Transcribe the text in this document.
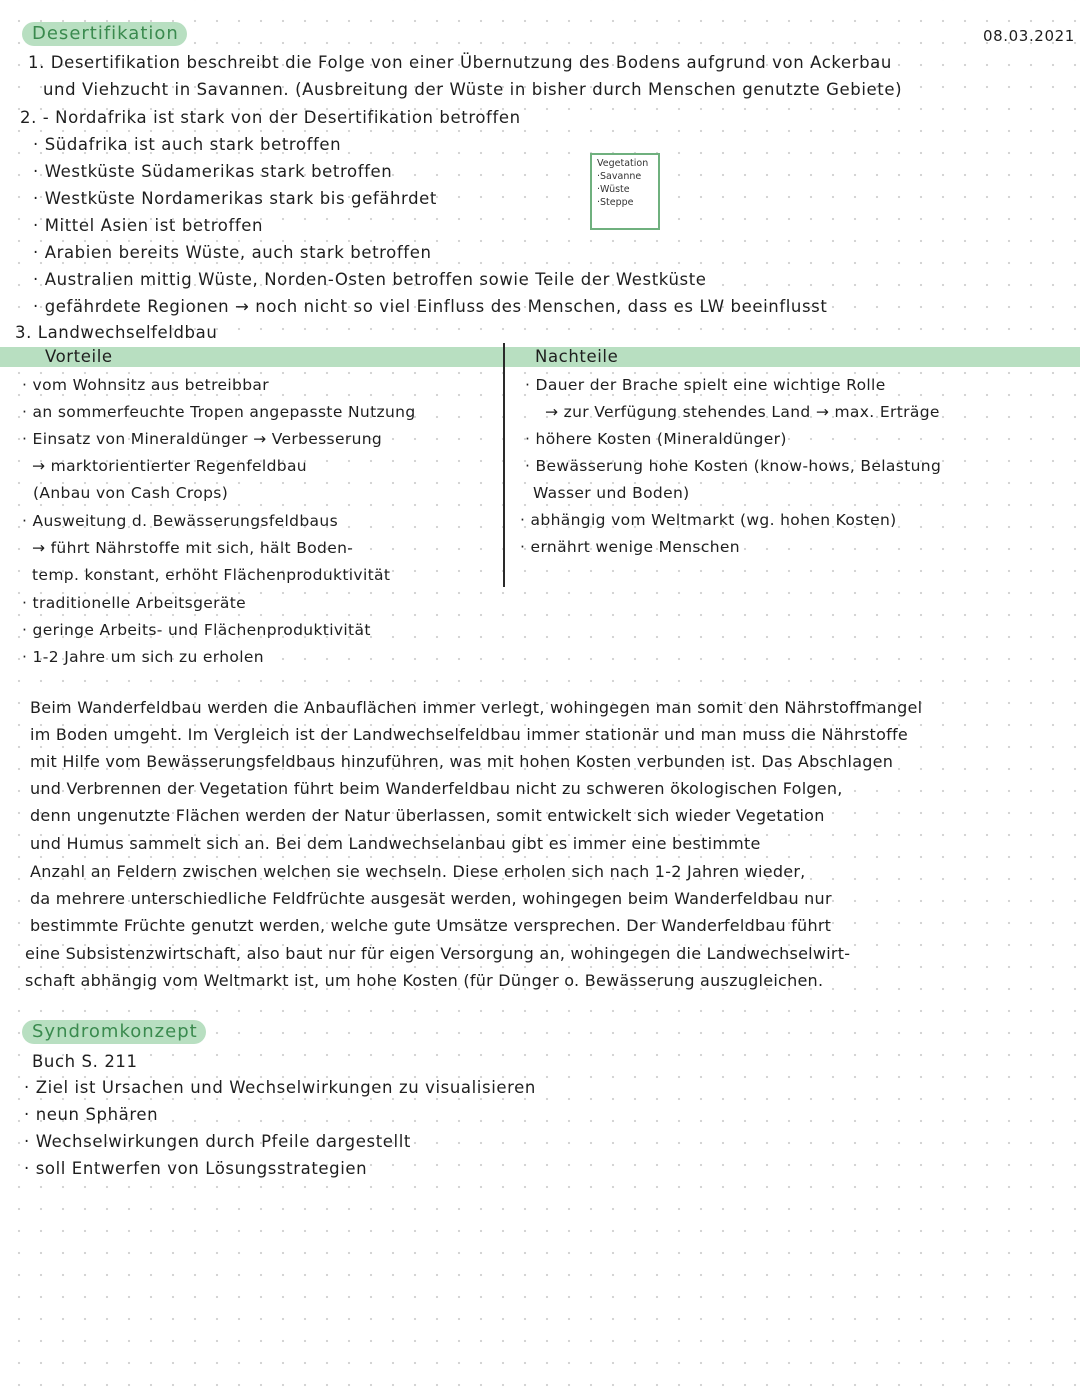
Desertifikation	08.03.2021
1. Desertifikation beschreibt die Folge von einer Übernutzung des Bodens aufgrund von Ackerbau
und Viehzucht in Savannen. (Ausbreitung der Wüste in bisher durch Menschen genutzte Gebiete)
2. - Nordafrika ist stark von der Desertifikation betroffen
· Südafrika ist auch stark betroffen
· Westküste Südamerikas stark betroffen
· Westküste Nordamerikas stark bis gefährdet
· Mittel Asien ist betroffen
· Arabien bereits Wüste, auch stark betroffen
· Australien mittig Wüste, Norden-Osten betroffen sowie Teile der Westküste
· gefährdete Regionen → noch nicht so viel Einfluss des Menschen, dass es LW beeinflusst
3. Landwechselfeldbau
Vegetation
·Savanne
·Wüste
·Steppe
Vorteile	Nachteile
· vom Wohnsitz aus betreibbar
· an sommerfeuchte Tropen angepasste Nutzung
· Einsatz von Mineraldünger → Verbesserung
→ marktorientierter Regenfeldbau
(Anbau von Cash Crops)
· Ausweitung d. Bewässerungsfeldbaus
→ führt Nährstoffe mit sich, hält Boden-
temp. konstant, erhöht Flächenproduktivität
· traditionelle Arbeitsgeräte
· geringe Arbeits- und Flächenproduktivität
· 1-2 Jahre um sich zu erholen
· Dauer der Brache spielt eine wichtige Rolle
→ zur Verfügung stehendes Land → max. Erträge
· höhere Kosten (Mineraldünger)
· Bewässerung hohe Kosten (know-hows, Belastung
Wasser und Boden)
· abhängig vom Weltmarkt (wg. hohen Kosten)
· ernährt wenige Menschen
Beim Wanderfeldbau werden die Anbauflächen immer verlegt, wohingegen man somit den Nährstoffmangel
im Boden umgeht. Im Vergleich ist der Landwechselfeldbau immer stationär und man muss die Nährstoffe
mit Hilfe vom Bewässerungsfeldbaus hinzuführen, was mit hohen Kosten verbunden ist. Das Abschlagen
und Verbrennen der Vegetation führt beim Wanderfeldbau nicht zu schweren ökologischen Folgen,
denn ungenutzte Flächen werden der Natur überlassen, somit entwickelt sich wieder Vegetation
und Humus sammelt sich an. Bei dem Landwechselanbau gibt es immer eine bestimmte
Anzahl an Feldern zwischen welchen sie wechseln. Diese erholen sich nach 1-2 Jahren wieder,
da mehrere unterschiedliche Feldfrüchte ausgesät werden, wohingegen beim Wanderfeldbau nur
bestimmte Früchte genutzt werden, welche gute Umsätze versprechen. Der Wanderfeldbau führt
eine Subsistenzwirtschaft, also baut nur für eigen Versorgung an, wohingegen die Landwechselwirt-
schaft abhängig vom Weltmarkt ist, um hohe Kosten (für Dünger o. Bewässerung auszugleichen.
Syndromkonzept
Buch S. 211
· Ziel ist Ursachen und Wechselwirkungen zu visualisieren
· neun Sphären
· Wechselwirkungen durch Pfeile dargestellt
· soll Entwerfen von Lösungsstrategien
